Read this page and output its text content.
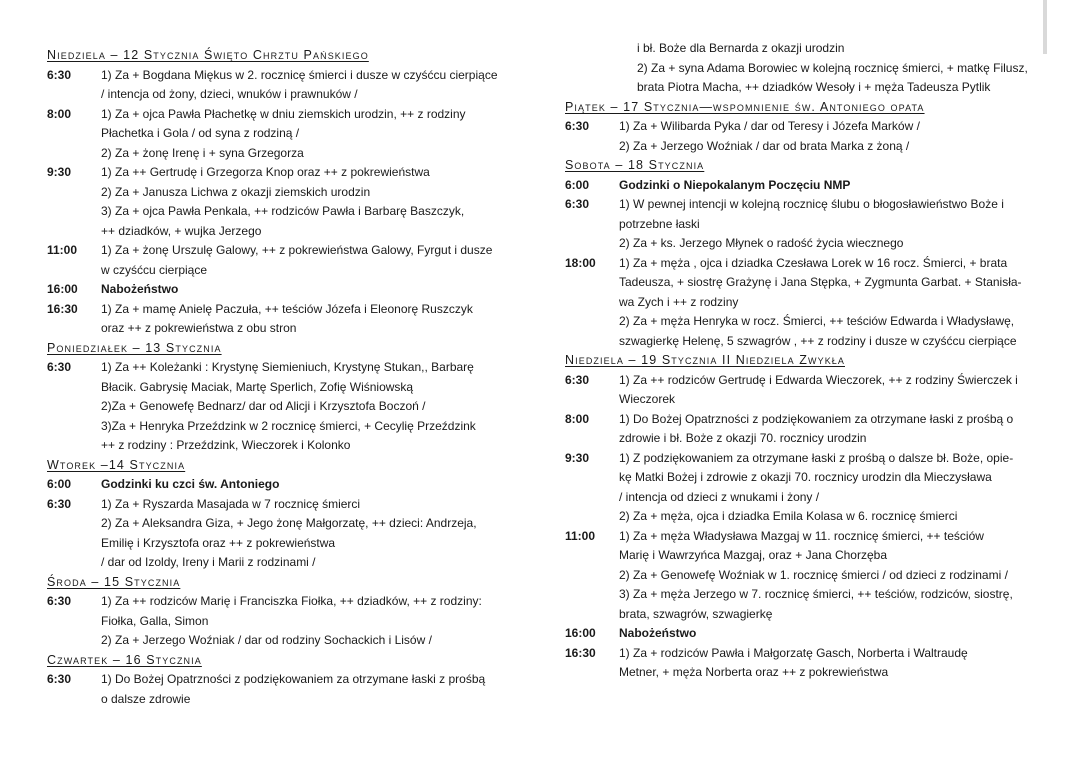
Niedziela – 12 Stycznia Święto Chrztu Pańskiego
6:30	1) Za + Bogdana Miękus w 2. rocznicę śmierci i dusze w czyśćcu cierpiące
/ intencja od żony, dzieci, wnuków i prawnuków /
8:00	1) Za + ojca Pawła Płachetkę w dniu ziemskich urodzin, ++ z rodziny
Płachetka i Gola / od syna z rodziną /
2) Za + żonę Irenę i + syna Grzegorza
9:30	1) Za ++ Gertrudę i Grzegorza Knop oraz ++ z pokrewieństwa
2) Za + Janusza Lichwa z okazji ziemskich urodzin
3) Za + ojca Pawła Penkala, ++ rodziców Pawła i Barbarę Baszczyk,
++ dziadków, + wujka Jerzego
11:00	1) Za + żonę Urszulę Galowy, ++ z pokrewieństwa Galowy, Fyrgut i dusze
w czyśćcu cierpiące
16:00	Nabożeństwo
16:30	1) Za + mamę Anielę Paczuła, ++ teściów Józefa i Eleonorę Ruszczyk
oraz ++ z pokrewieństwa z obu stron
Poniedziałek – 13 Stycznia
6:30	1) Za ++ Koleżanki : Krystynę Siemieniuch, Krystynę Stukan,, Barbarę
Błacik. Gabrysię Maciak, Martę Sperlich, Zofię Wiśniowską
2)Za + Genowefę Bednarz/ dar od Alicji i Krzysztofa Boczoń /
3)Za + Henryka Przeździnk w 2 rocznicę śmierci, + Cecylię Przeździnk
++ z rodziny : Przeździnk, Wieczorek i Kolonko
Wtorek –14 Stycznia
6:00	Godzinki ku czci św. Antoniego
6:30	1) Za + Ryszarda Masajada w 7 rocznicę śmierci
2) Za + Aleksandra Giza, + Jego żonę Małgorzatę, ++ dzieci: Andrzeja,
Emilię i Krzysztofa oraz ++ z pokrewieństwa
/ dar od Izoldy, Ireny i Marii z rodzinami /
Środa – 15 Stycznia
6:30	1) Za ++ rodziców Marię i Franciszka Fiołka, ++ dziadków, ++ z rodziny:
Fiołka, Galla, Simon
2) Za + Jerzego Woźniak / dar od rodziny Sochackich i Lisów /
Czwartek – 16 Stycznia
6:30	1) Do Bożej Opatrzności z podziękowaniem za otrzymane łaski z prośbą
o dalsze zdrowie
i bł. Boże dla Bernarda z okazji urodzin
2) Za + syna Adama Borowiec w kolejną rocznicę śmierci, + matkę Filusz,
brata Piotra Macha, ++ dziadków Wesoły i + męża Tadeusza Pytlik
Piątek – 17 Stycznia—wspomnienie św. Antoniego opata
6:30	1) Za + Wilibarda Pyka / dar od Teresy i Józefa Marków /
2) Za + Jerzego Woźniak / dar od brata Marka z żoną /
Sobota – 18 Stycznia
6:00	Godzinki o Niepokalanym Poczęciu NMP
6:30	1) W pewnej intencji w kolejną rocznicę ślubu o błogosławieństwo Boże i
potrzebne łaski
2) Za + ks. Jerzego Młynek o radość życia wiecznego
18:00	1) Za + męża , ojca i dziadka Czesława Lorek w 16 rocz. Śmierci, + brata
Tadeusza, + siostrę Grażynę i Jana Stępka, + Zygmunta Garbat. + Stanisła-
wa Zych i ++ z rodziny
2) Za + męża Henryka w rocz. Śmierci, ++ teściów Edwarda i Władysławę,
szwagierkę Helenę, 5 szwagrów , ++ z rodziny i dusze w czyśćcu cierpiące
Niedziela – 19 Stycznia II Niedziela Zwykła
6:30	1) Za ++ rodziców Gertrudę i Edwarda Wieczorek, ++ z rodziny Świerczek i
Wieczorek
8:00	1) Do Bożej Opatrzności z podziękowaniem za otrzymane łaski z prośbą o
zdrowie i bł. Boże z okazji 70. rocznicy urodzin
9:30	1) Z podziękowaniem za otrzymane łaski z prośbą o dalsze bł. Boże, opie-
kę Matki Bożej i zdrowie z okazji 70. rocznicy urodzin dla Mieczysława
/ intencja od dzieci z wnukami i żony /
2) Za + męża, ojca i dziadka Emila Kolasa w 6. rocznicę śmierci
11:00	1) Za + męża Władysława Mazgaj w 11. rocznicę śmierci, ++ teściów
Marię i Wawrzyńca Mazgaj, oraz + Jana Chorzęba
2) Za + Genowefę Woźniak w 1. rocznicę śmierci / od dzieci z rodzinami /
3) Za + męża Jerzego w 7. rocznicę śmierci, ++ teściów, rodziców, siostrę,
brata, szwagrów, szwagierkę
16:00	Nabożeństwo
16:30	1) Za + rodziców Pawła i Małgorzatę Gasch, Norberta i Waltraudę
Metner, + męża Norberta oraz ++ z pokrewieństwa
